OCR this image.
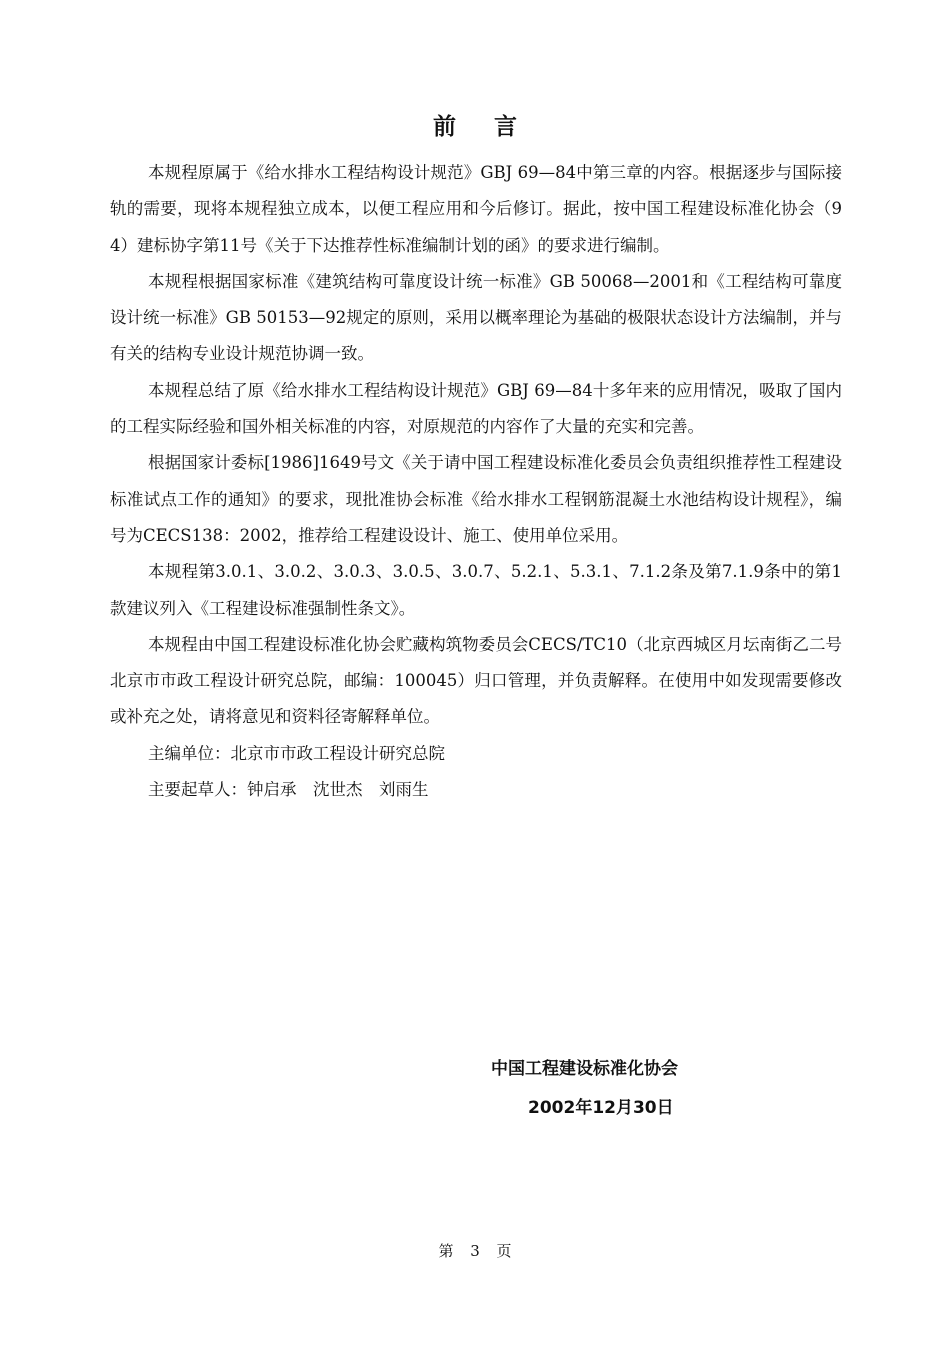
前言

本规程原属于《给水排水工程结构设计规范》GBJ 69—84中第三章的内容。根据逐步与国际接轨的需要，现将本规程独立成本，以便工程应用和今后修订。据此，按中国工程建设标准化协会（94）建标协字第11号《关于下达推荐性标准编制计划的函》的要求进行编制。

本规程根据国家标准《建筑结构可靠度设计统一标准》GB 50068—2001和《工程结构可靠度设计统一标准》GB 50153—92规定的原则，采用以概率理论为基础的极限状态设计方法编制，并与有关的结构专业设计规范协调一致。

本规程总结了原《给水排水工程结构设计规范》GBJ 69—84十多年来的应用情况，吸取了国内的工程实际经验和国外相关标准的内容，对原规范的内容作了大量的充实和完善。

根据国家计委标[1986]1649号文《关于请中国工程建设标准化委员会负责组织推荐性工程建设标准试点工作的通知》的要求，现批准协会标准《给水排水工程钢筋混凝土水池结构设计规程》，编号为CECS138：2002，推荐给工程建设设计、施工、使用单位采用。

本规程第3.0.1、3.0.2、3.0.3、3.0.5、3.0.7、5.2.1、5.3.1、7.1.2条及第7.1.9条中的第1款建议列入《工程建设标准强制性条文》。

本规程由中国工程建设标准化协会贮藏构筑物委员会CECS/TC10（北京西城区月坛南街乙二号北京市市政工程设计研究总院，邮编：100045）归口管理，并负责解释。在使用中如发现需要修改或补充之处，请将意见和资料径寄解释单位。

主编单位：北京市市政工程设计研究总院

主要起草人：钟启承　沈世杰　刘雨生

中国工程建设标准化协会
2002年12月30日
第 3 页
